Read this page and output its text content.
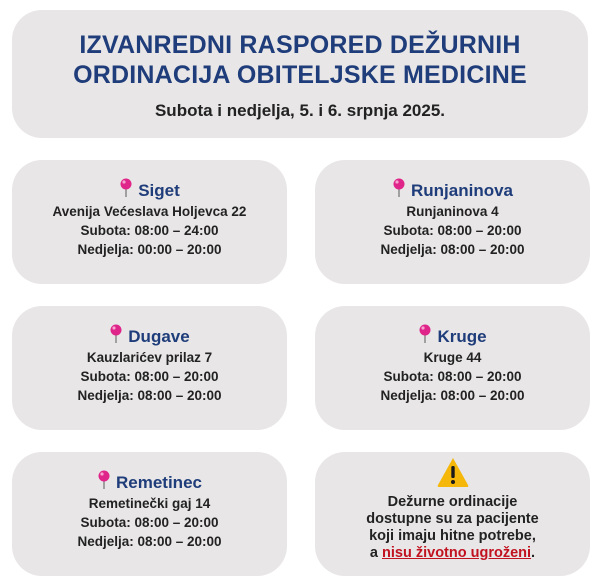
IZVANREDNI RASPORED DEŽURNIH
ORDINACIJA OBITELJSKE MEDICINE
Subota i nedjelja, 5. i 6. srpnja 2025.
Siget
Avenija Većeslava Holjevca 22
Subota: 08:00 – 24:00
Nedjelja: 00:00 – 20:00
Runjaninova
Runjaninova 4
Subota: 08:00 – 20:00
Nedjelja: 08:00 – 20:00
Dugave
Kauzlarićev prilaz 7
Subota: 08:00 – 20:00
Nedjelja: 08:00 – 20:00
Kruge
Kruge 44
Subota: 08:00 – 20:00
Nedjelja: 08:00 – 20:00
Remetinec
Remetinečki gaj 14
Subota: 08:00 – 20:00
Nedjelja: 08:00 – 20:00
Dežurne ordinacije
dostupne su za pacijente
koji imaju hitne potrebe,
a nisu životno ugroženi.
